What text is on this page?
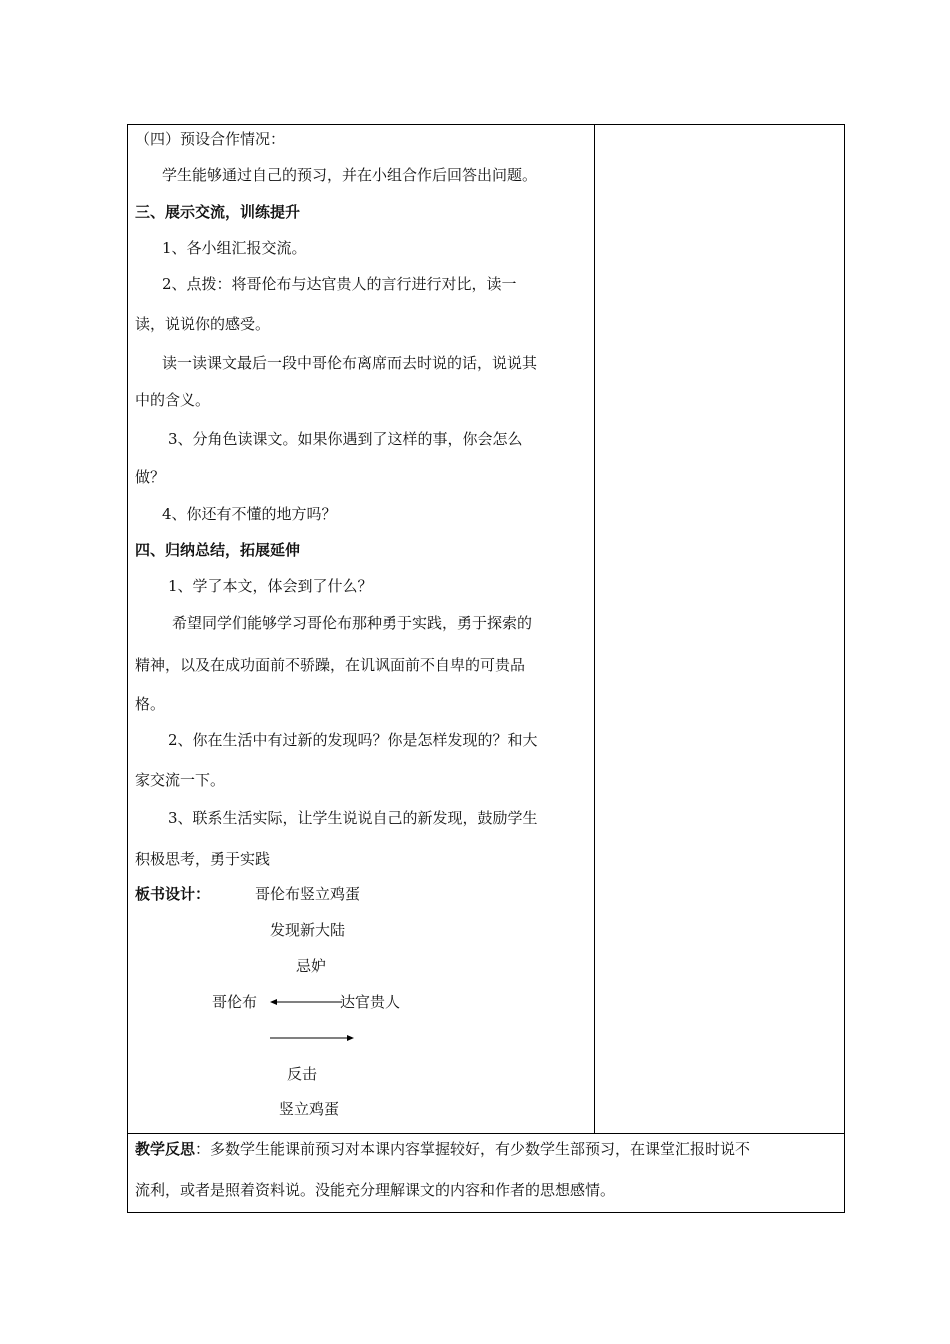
（四）预设合作情况：
学生能够通过自己的预习，并在小组合作后回答出问题。
三、展示交流，训练提升
1、各小组汇报交流。
2、点拨：将哥伦布与达官贵人的言行进行对比，读一
读，说说你的感受。
读一读课文最后一段中哥伦布离席而去时说的话，说说其
中的含义。
3、分角色读课文。如果你遇到了这样的事，你会怎么
做？
4、你还有不懂的地方吗？
四、归纳总结，拓展延伸
1、学了本文，体会到了什么？
希望同学们能够学习哥伦布那种勇于实践，勇于探索的
精神，以及在成功面前不骄躁，在讥讽面前不自卑的可贵品
格。
2、你在生活中有过新的发现吗？你是怎样发现的？和大
家交流一下。
3、联系生活实际，让学生说说自己的新发现，鼓励学生
积极思考，勇于实践
板书设计：	哥伦布竖立鸡蛋
发现新大陆
忌妒
哥伦布	达官贵人
反击
竖立鸡蛋
教学反思：多数学生能课前预习对本课内容掌握较好，有少数学生部预习，在课堂汇报时说不
流利，或者是照着资料说。没能充分理解课文的内容和作者的思想感情。
